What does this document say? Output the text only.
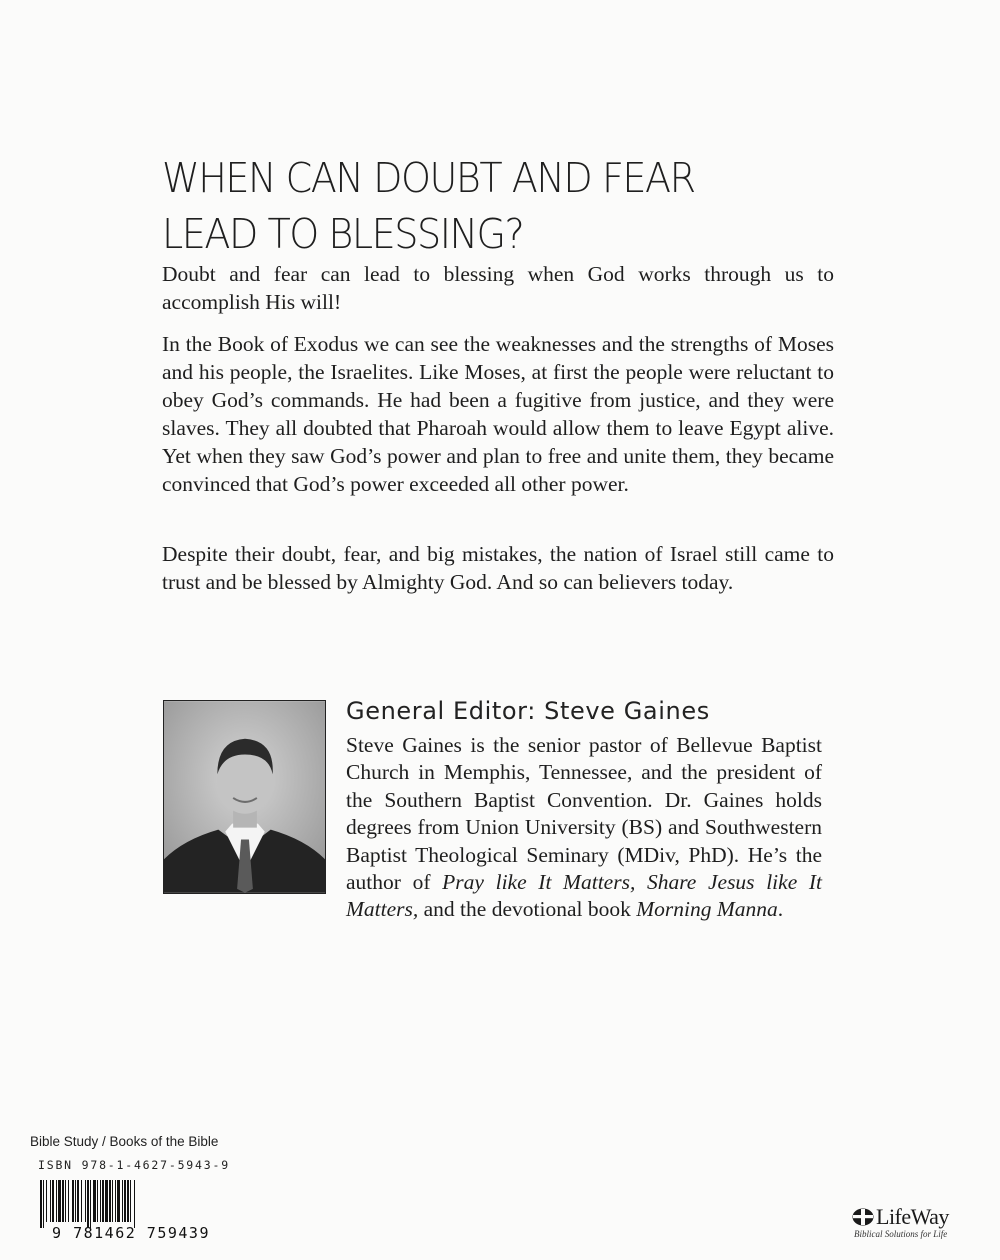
WHEN CAN DOUBT AND FEAR
LEAD TO BLESSING?

Doubt and fear can lead to blessing when God works through us to accomplish His will!

In the Book of Exodus we can see the weaknesses and the strengths of Moses and his people, the Israelites. Like Moses, at first the people were reluctant to obey God’s commands. He had been a fugitive from justice, and they were slaves. They all doubted that Pharoah would allow them to leave Egypt alive. Yet when they saw God’s power and plan to free and unite them, they became convinced that God’s power exceeded all other power.

Despite their doubt, fear, and big mistakes, the nation of Israel still came to trust and be blessed by Almighty God. And so can believers today.

General Editor: Steve Gaines

Steve Gaines is the senior pastor of Bellevue Baptist Church in Memphis, Tennessee, and the president of the Southern Baptist Convention. Dr. Gaines holds degrees from Union University (BS) and Southwestern Baptist Theological Seminary (MDiv, PhD). He’s the author of Pray like It Matters, Share Jesus like It Matters, and the devotional book Morning Manna.

Bible Study / Books of the Bible
ISBN 978-1-4627-5943-9
9 781462 759439
LifeWay
Biblical Solutions for Life
